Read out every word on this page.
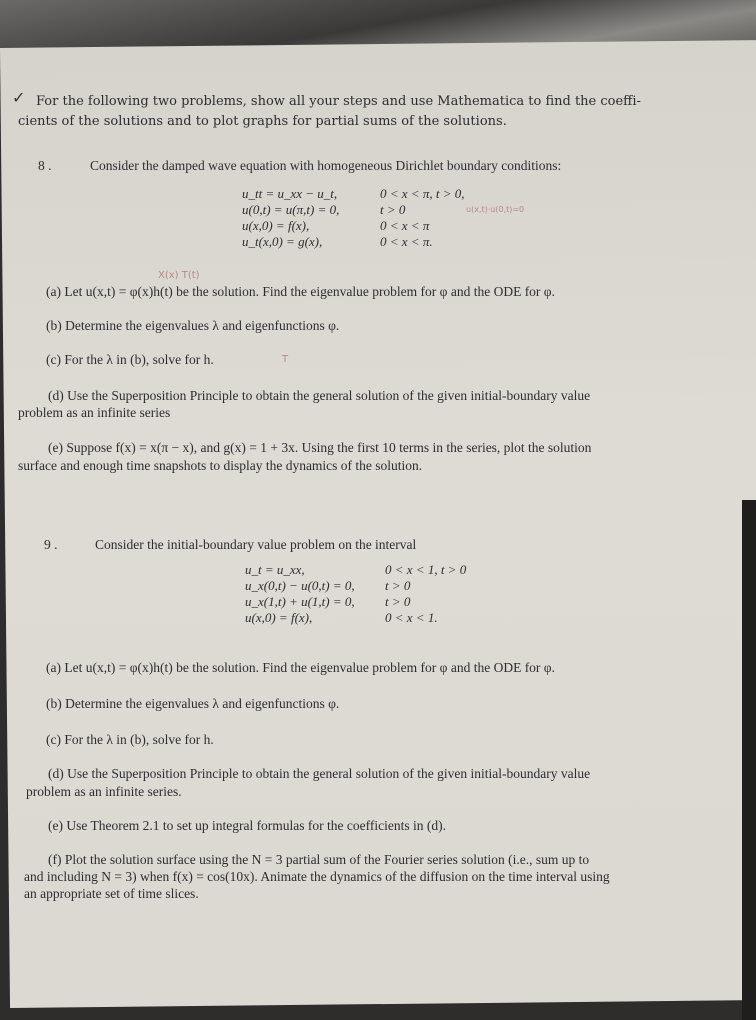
✓ For the following two problems, show all your steps and use Mathematica to find the coeffi-
cients of the solutions and to plot graphs for partial sums of the solutions.
8 .	Consider the damped wave equation with homogeneous Dirichlet boundary conditions:
u_tt = u_xx − u_t,	0 < x < π, t > 0,
u(0,t) = u(π,t) = 0,	t > 0
u(x,0) = f(x),	0 < x < π
u_t(x,0) = g(x),	0 < x < π.
u(x,t)·u(0,t)=0
X(x) T(t)
(a) Let u(x,t) = φ(x)h(t) be the solution. Find the eigenvalue problem for φ and the ODE for φ.
(b) Determine the eigenvalues λ and eigenfunctions φ.
(c) For the λ in (b), solve for h.	T
(d) Use the Superposition Principle to obtain the general solution of the given initial-boundary value
problem as an infinite series
(e) Suppose f(x) = x(π − x), and g(x) = 1 + 3x. Using the first 10 terms in the series, plot the solution
surface and enough time snapshots to display the dynamics of the solution.
9 .	Consider the initial-boundary value problem on the interval
u_t = u_xx,	0 < x < 1, t > 0
u_x(0,t) − u(0,t) = 0, t > 0
u_x(1,t) + u(1,t) = 0, t > 0
u(x,0) = f(x),	0 < x < 1.
(a) Let u(x,t) = φ(x)h(t) be the solution. Find the eigenvalue problem for φ and the ODE for φ.
(b) Determine the eigenvalues λ and eigenfunctions φ.
(c) For the λ in (b), solve for h.
(d) Use the Superposition Principle to obtain the general solution of the given initial-boundary value
problem as an infinite series.
(e) Use Theorem 2.1 to set up integral formulas for the coefficients in (d).
(f) Plot the solution surface using the N = 3 partial sum of the Fourier series solution (i.e., sum up to
and including N = 3) when f(x) = cos(10x). Animate the dynamics of the diffusion on the time interval using
an appropriate set of time slices.
